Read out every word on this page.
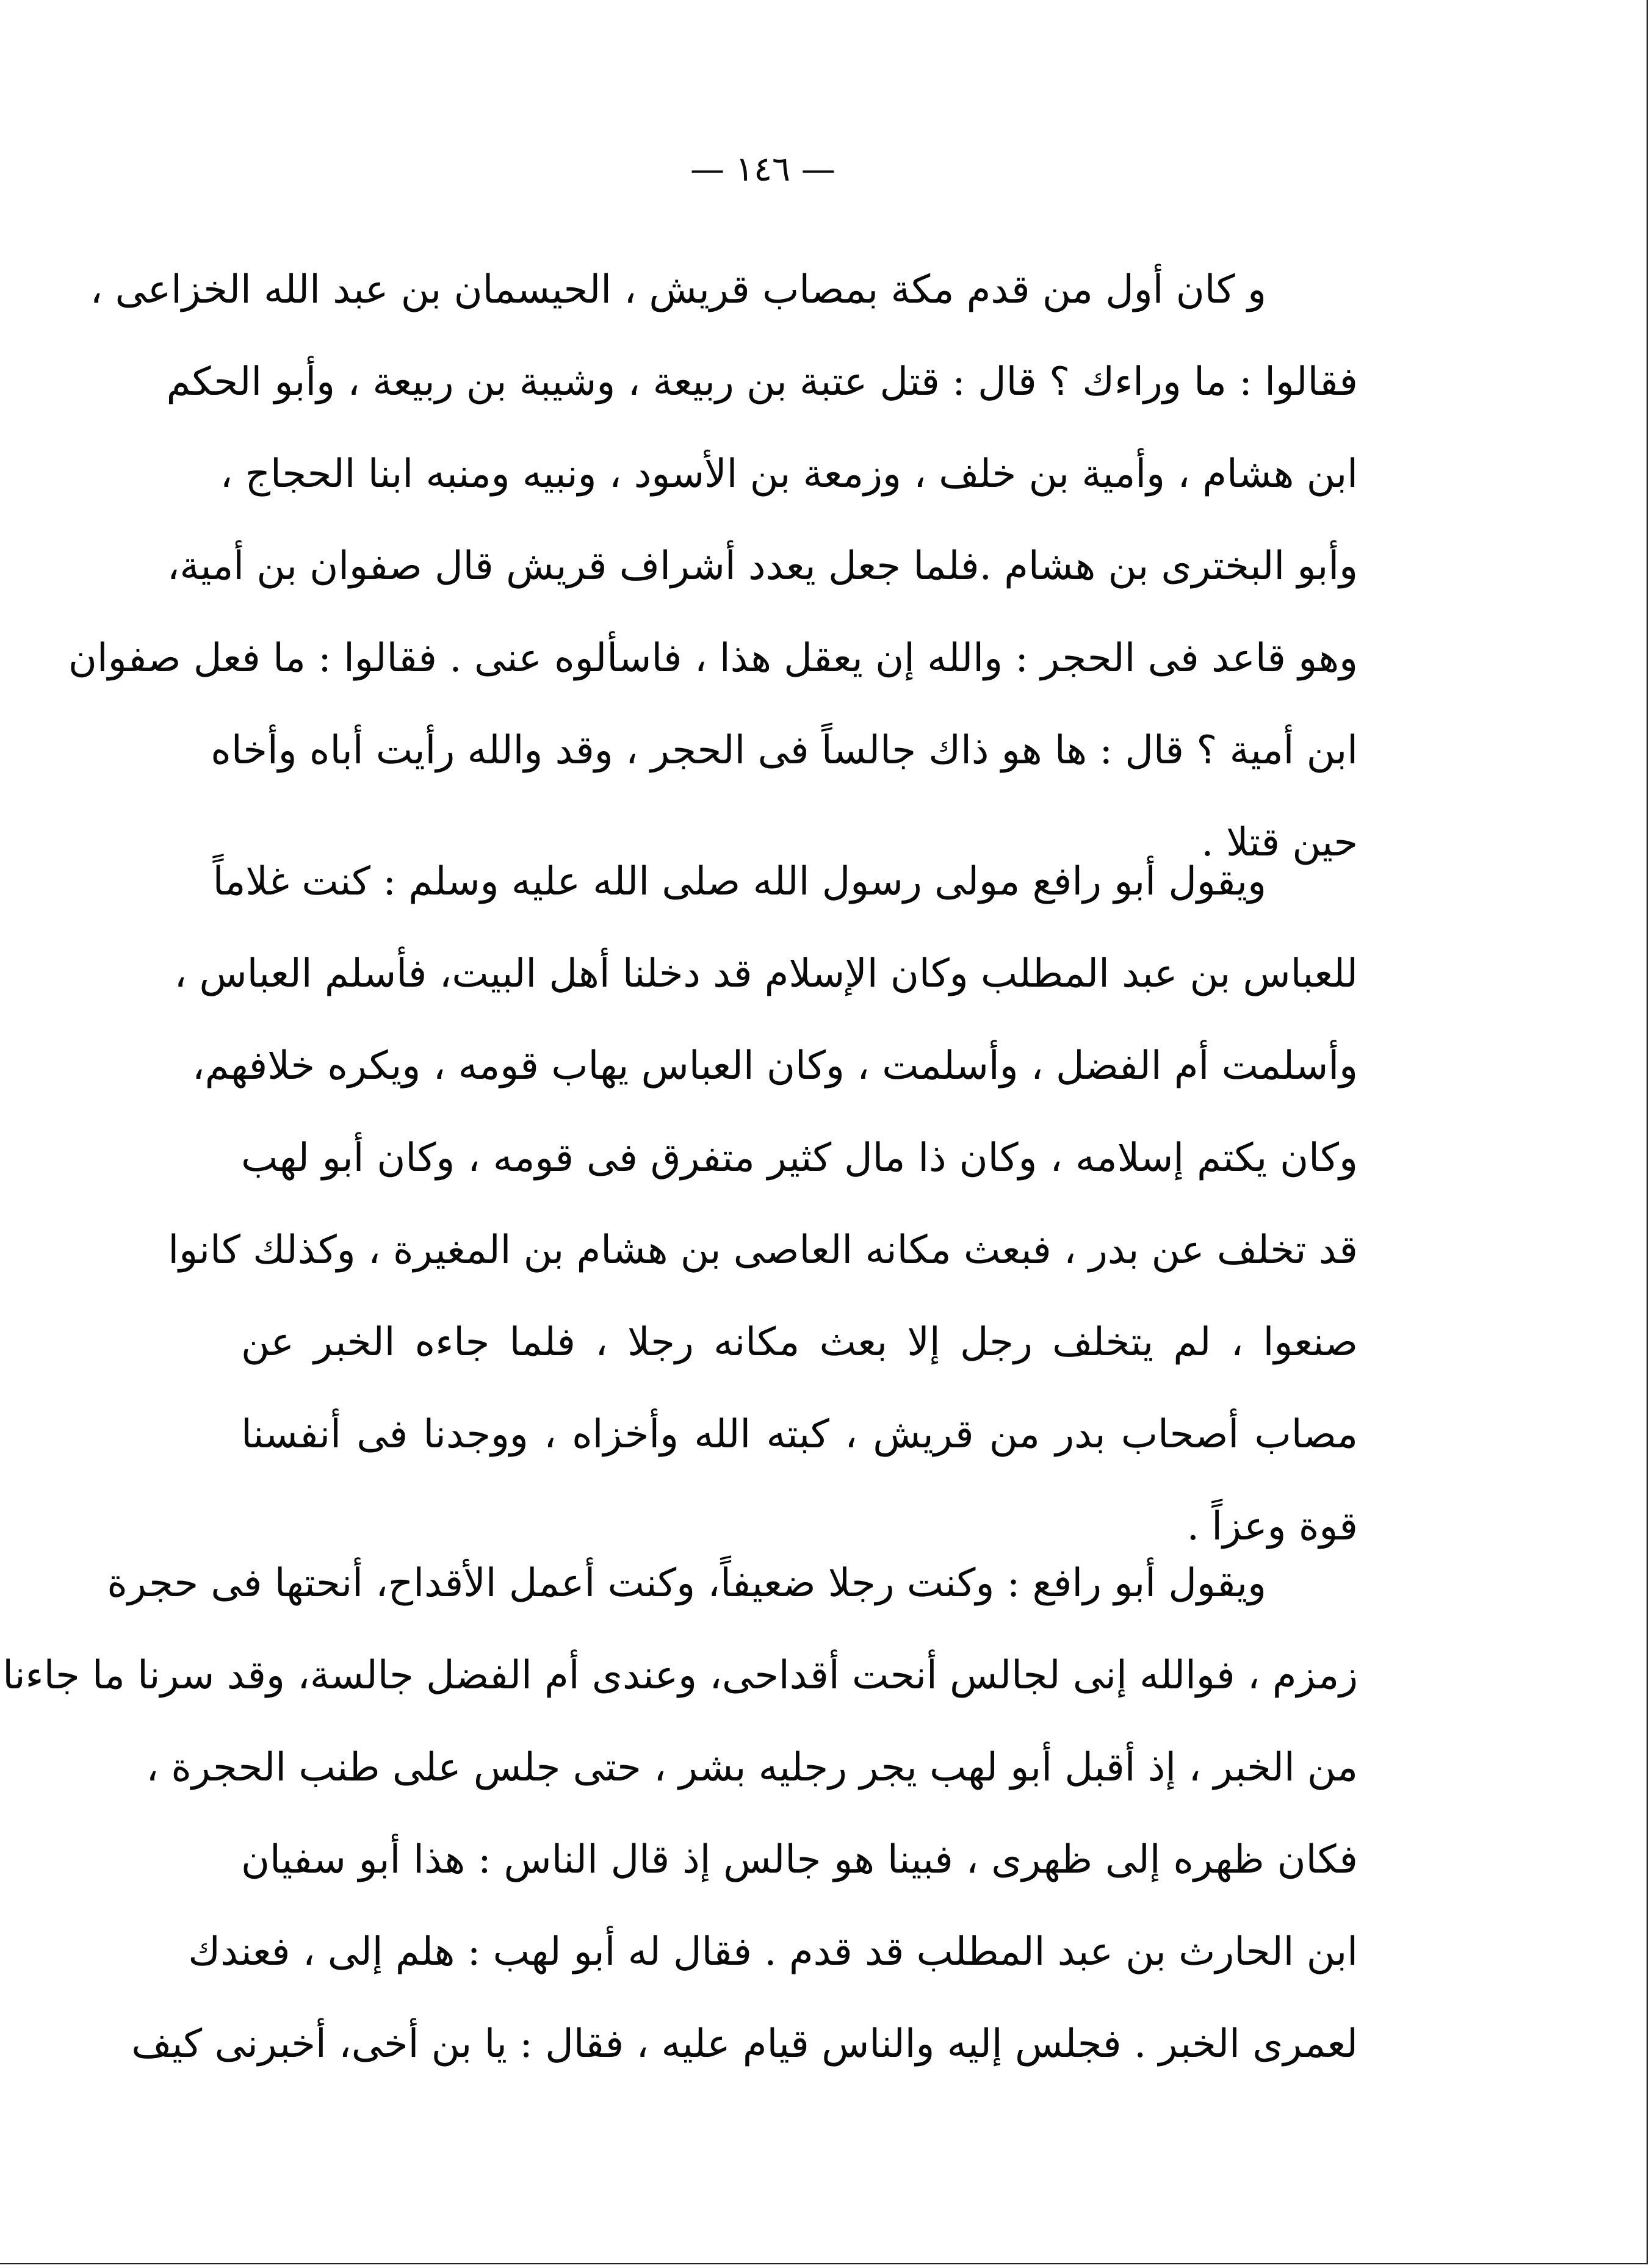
— ١٤٦ —
و كان أول من قدم مكة بمصاب قريش ، الحيسمان بن عبد الله الخزاعى ،
فقالوا : ما وراءك ؟ قال : قتل عتبة بن ربيعة ، وشيبة بن ربيعة ، وأبو الحكم
ابن هشام ، وأمية بن خلف ، وزمعة بن الأسود ، ونبيه ومنبه ابنا الحجاج ،
وأبو البخترى بن هشام .فلما جعل يعدد أشراف قريش قال صفوان بن أمية،
وهو قاعد فى الحجر : والله إن يعقل هذا ، فاسألوه عنى . فقالوا : ما فعل صفوان
ابن أمية ؟ قال : ها هو ذاك جالساً فى الحجر ، وقد والله رأيت أباه وأخاه
حين قتلا .
ويقول أبو رافع مولى رسول الله صلى الله عليه وسلم : كنت غلاماً
للعباس بن عبد المطلب وكان الإسلام قد دخلنا أهل البيت، فأسلم العباس ،
وأسلمت أم الفضل ، وأسلمت ، وكان العباس يهاب قومه ، ويكره خلافهم،
وكان يكتم إسلامه ، وكان ذا مال كثير متفرق فى قومه ، وكان أبو لهب
قد تخلف عن بدر ، فبعث مكانه العاصى بن هشام بن المغيرة ، وكذلك كانوا
صنعوا ، لم يتخلف رجل إلا بعث مكانه رجلا ، فلما جاءه الخبر عن
مصاب أصحاب بدر من قريش ، كبته الله وأخزاه ، ووجدنا فى أنفسنا
قوة وعزاً .
ويقول أبو رافع : وكنت رجلا ضعيفاً، وكنت أعمل الأقداح، أنحتها فى حجرة
زمزم ، فوالله إنى لجالس أنحت أقداحى، وعندى أم الفضل جالسة، وقد سرنا ما جاءنا
من الخبر ، إذ أقبل أبو لهب يجر رجليه بشر ، حتى جلس على طنب الحجرة ،
فكان ظهره إلى ظهرى ، فبينا هو جالس إذ قال الناس : هذا أبو سفيان
ابن الحارث بن عبد المطلب قد قدم . فقال له أبو لهب : هلم إلى ، فعندك
لعمرى الخبر . فجلس إليه والناس قيام عليه ، فقال : يا بن أخى، أخبرنى كيف
